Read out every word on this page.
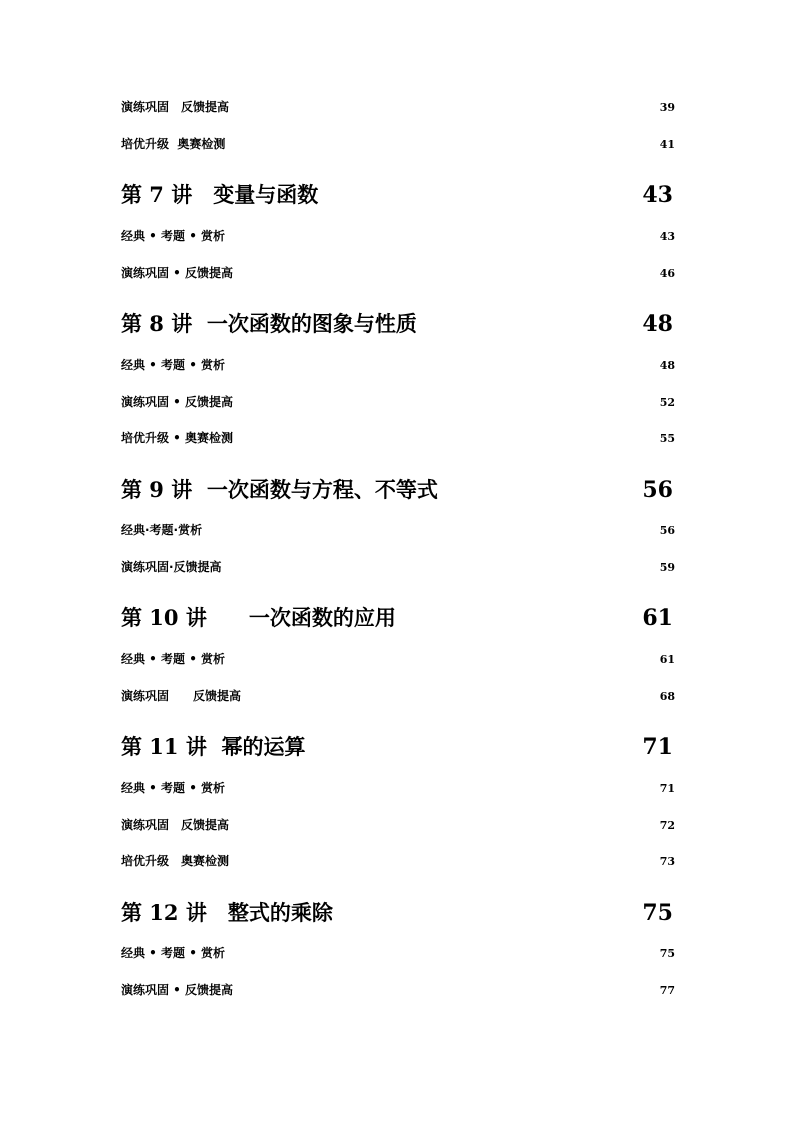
演练巩固　反馈提高	39
培优升级  奥赛检测	41
第 7 讲　变量与函数	43
经典 • 考题 • 赏析	43
演练巩固 • 反馈提高	46
第 8 讲  一次函数的图象与性质	48
经典 • 考题 • 赏析	48
演练巩固 • 反馈提高	52
培优升级 • 奥赛检测	55
第 9 讲  一次函数与方程、不等式	56
经典·考题·赏析	56
演练巩固·反馈提高	59
第 10 讲　　一次函数的应用	61
经典 • 考题 • 赏析	61
演练巩固　　反馈提高	68
第 11 讲  幂的运算	71
经典 • 考题 • 赏析	71
演练巩固　反馈提高	72
培优升级　奥赛检测	73
第 12 讲　整式的乘除	75
经典 • 考题 • 赏析	75
演练巩固 • 反馈提高	77
